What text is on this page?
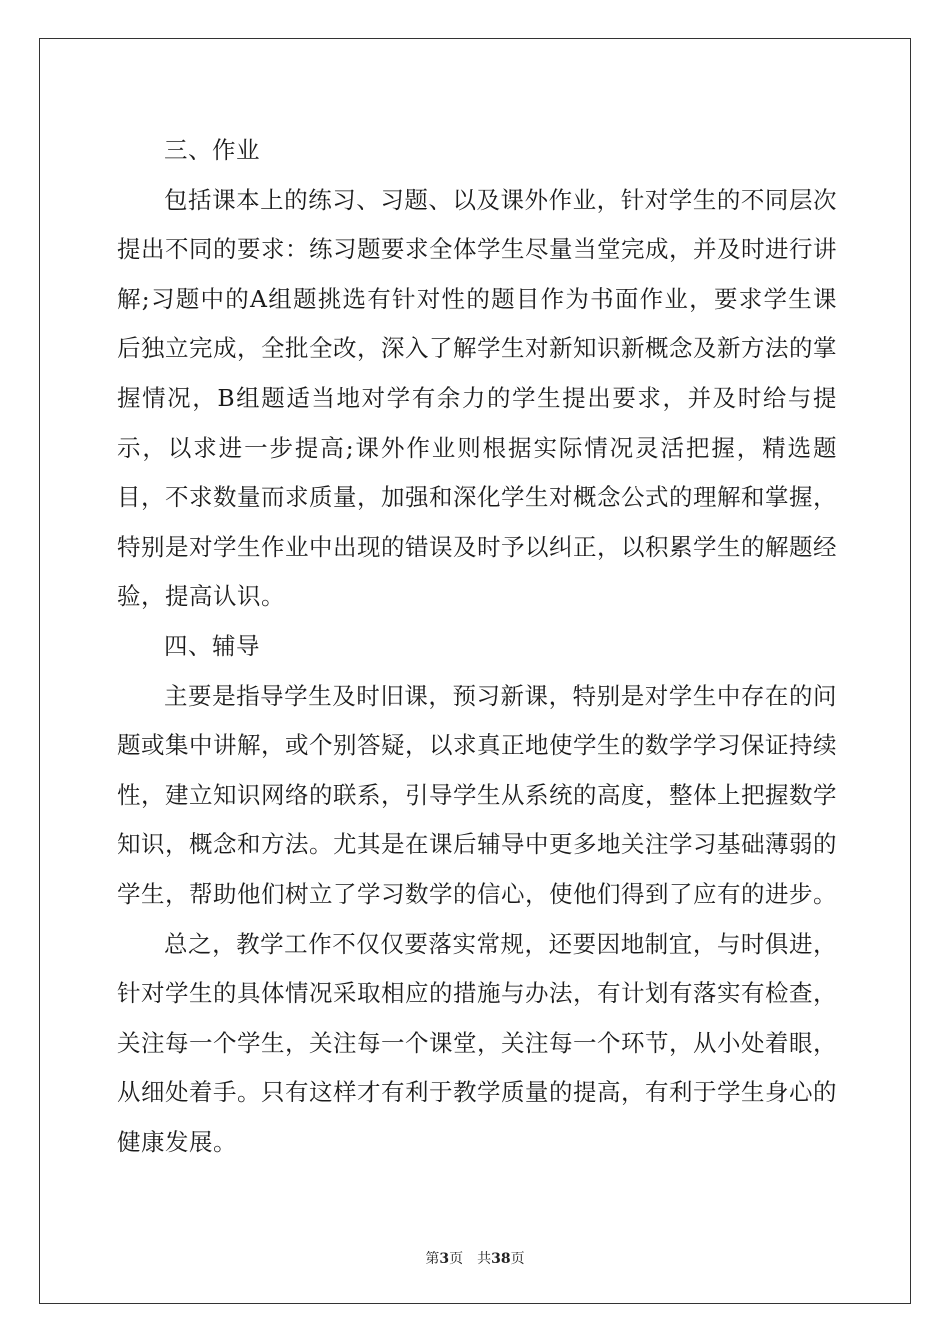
三、作业

包括课本上的练习、习题、以及课外作业，针对学生的不同层次提出不同的要求：练习题要求全体学生尽量当堂完成，并及时进行讲解;习题中的A组题挑选有针对性的题目作为书面作业，要求学生课后独立完成，全批全改，深入了解学生对新知识新概念及新方法的掌握情况，B组题适当地对学有余力的学生提出要求，并及时给与提示，以求进一步提高;课外作业则根据实际情况灵活把握，精选题目，不求数量而求质量，加强和深化学生对概念公式的理解和掌握，特别是对学生作业中出现的错误及时予以纠正，以积累学生的解题经验，提高认识。

四、辅导

主要是指导学生及时旧课，预习新课，特别是对学生中存在的问题或集中讲解，或个别答疑，以求真正地使学生的数学学习保证持续性，建立知识网络的联系，引导学生从系统的高度，整体上把握数学知识，概念和方法。尤其是在课后辅导中更多地关注学习基础薄弱的学生，帮助他们树立了学习数学的信心，使他们得到了应有的进步。

总之，教学工作不仅仅要落实常规，还要因地制宜，与时俱进，针对学生的具体情况采取相应的措施与办法，有计划有落实有检查，关注每一个学生，关注每一个课堂，关注每一个环节，从小处着眼，从细处着手。只有这样才有利于教学质量的提高，有利于学生身心的健康发展。

第3页 共38页
